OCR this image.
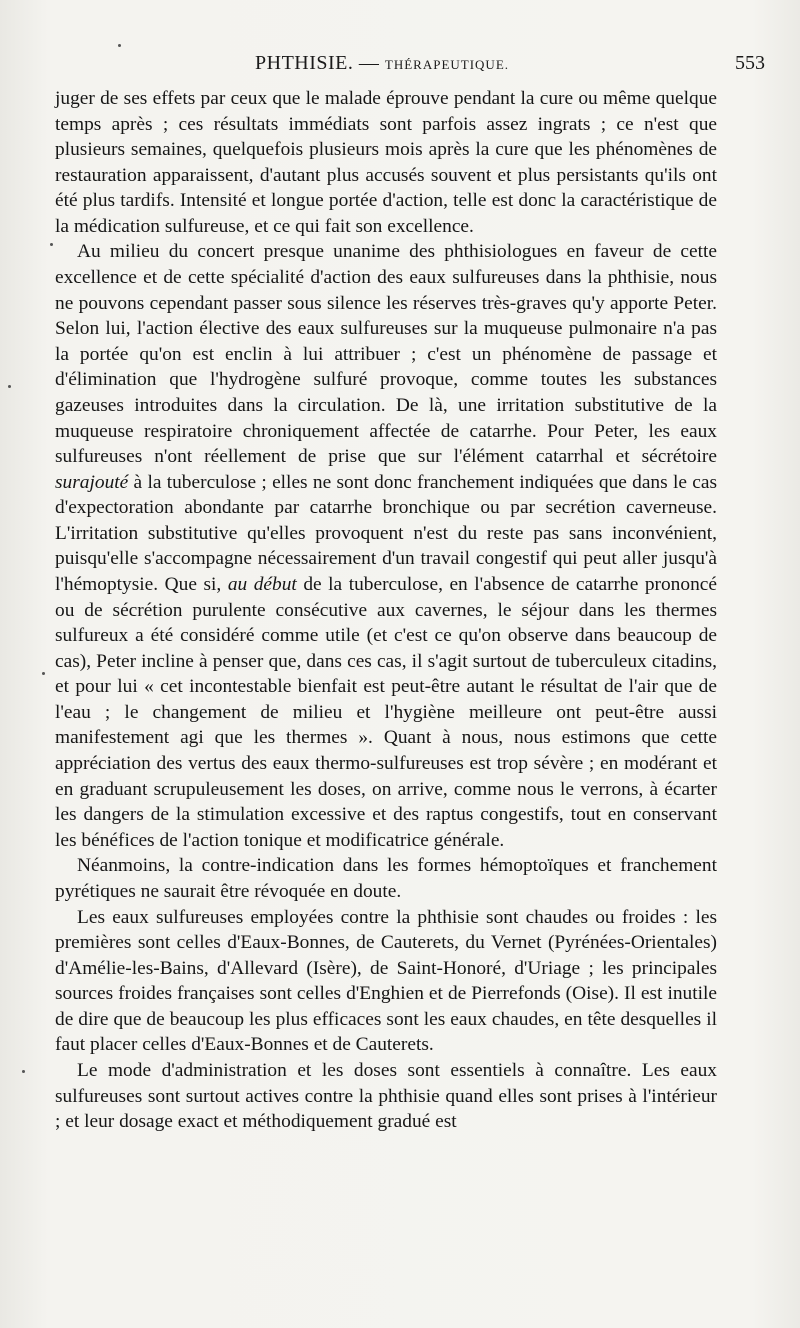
PHTHISIE. — THÉRAPEUTIQUE.	553

juger de ses effets par ceux que le malade éprouve pendant la cure ou même quelque temps après ; ces résultats immédiats sont parfois assez ingrats ; ce n'est que plusieurs semaines, quelquefois plusieurs mois après la cure que les phénomènes de restauration apparaissent, d'autant plus accusés souvent et plus persistants qu'ils ont été plus tardifs. Intensité et longue portée d'action, telle est donc la caractéristique de la médication sulfureuse, et ce qui fait son excellence.

Au milieu du concert presque unanime des phthisiologues en faveur de cette excellence et de cette spécialité d'action des eaux sulfureuses dans la phthisie, nous ne pouvons cependant passer sous silence les réserves très-graves qu'y apporte Peter. Selon lui, l'action élective des eaux sulfureuses sur la muqueuse pulmonaire n'a pas la portée qu'on est enclin à lui attribuer ; c'est un phénomène de passage et d'élimination que l'hydrogène sulfuré provoque, comme toutes les substances gazeuses introduites dans la circulation. De là, une irritation substitutive de la muqueuse respiratoire chroniquement affectée de catarrhe. Pour Peter, les eaux sulfureuses n'ont réellement de prise que sur l'élément catarrhal et sécrétoire surajouté à la tuberculose ; elles ne sont donc franchement indiquées que dans le cas d'expectoration abondante par catarrhe bronchique ou par secrétion caverneuse. L'irritation substitutive qu'elles provoquent n'est du reste pas sans inconvénient, puisqu'elle s'accompagne nécessairement d'un travail congestif qui peut aller jusqu'à l'hémoptysie. Que si, au début de la tuberculose, en l'absence de catarrhe prononcé ou de sécrétion purulente consécutive aux cavernes, le séjour dans les thermes sulfureux a été considéré comme utile (et c'est ce qu'on observe dans beaucoup de cas), Peter incline à penser que, dans ces cas, il s'agit surtout de tuberculeux citadins, et pour lui « cet incontestable bienfait est peut-être autant le résultat de l'air que de l'eau ; le changement de milieu et l'hygiène meilleure ont peut-être aussi manifestement agi que les thermes ». Quant à nous, nous estimons que cette appréciation des vertus des eaux thermo-sulfureuses est trop sévère ; en modérant et en graduant scrupuleusement les doses, on arrive, comme nous le verrons, à écarter les dangers de la stimulation excessive et des raptus congestifs, tout en conservant les bénéfices de l'action tonique et modificatrice générale.

Néanmoins, la contre-indication dans les formes hémoptoïques et franchement pyrétiques ne saurait être révoquée en doute.

Les eaux sulfureuses employées contre la phthisie sont chaudes ou froides : les premières sont celles d'Eaux-Bonnes, de Cauterets, du Vernet (Pyrénées-Orientales) d'Amélie-les-Bains, d'Allevard (Isère), de Saint-Honoré, d'Uriage ; les principales sources froides françaises sont celles d'Enghien et de Pierrefonds (Oise). Il est inutile de dire que de beaucoup les plus efficaces sont les eaux chaudes, en tête desquelles il faut placer celles d'Eaux-Bonnes et de Cauterets.

Le mode d'administration et les doses sont essentiels à connaître. Les eaux sulfureuses sont surtout actives contre la phthisie quand elles sont prises à l'intérieur ; et leur dosage exact et méthodiquement gradué est
